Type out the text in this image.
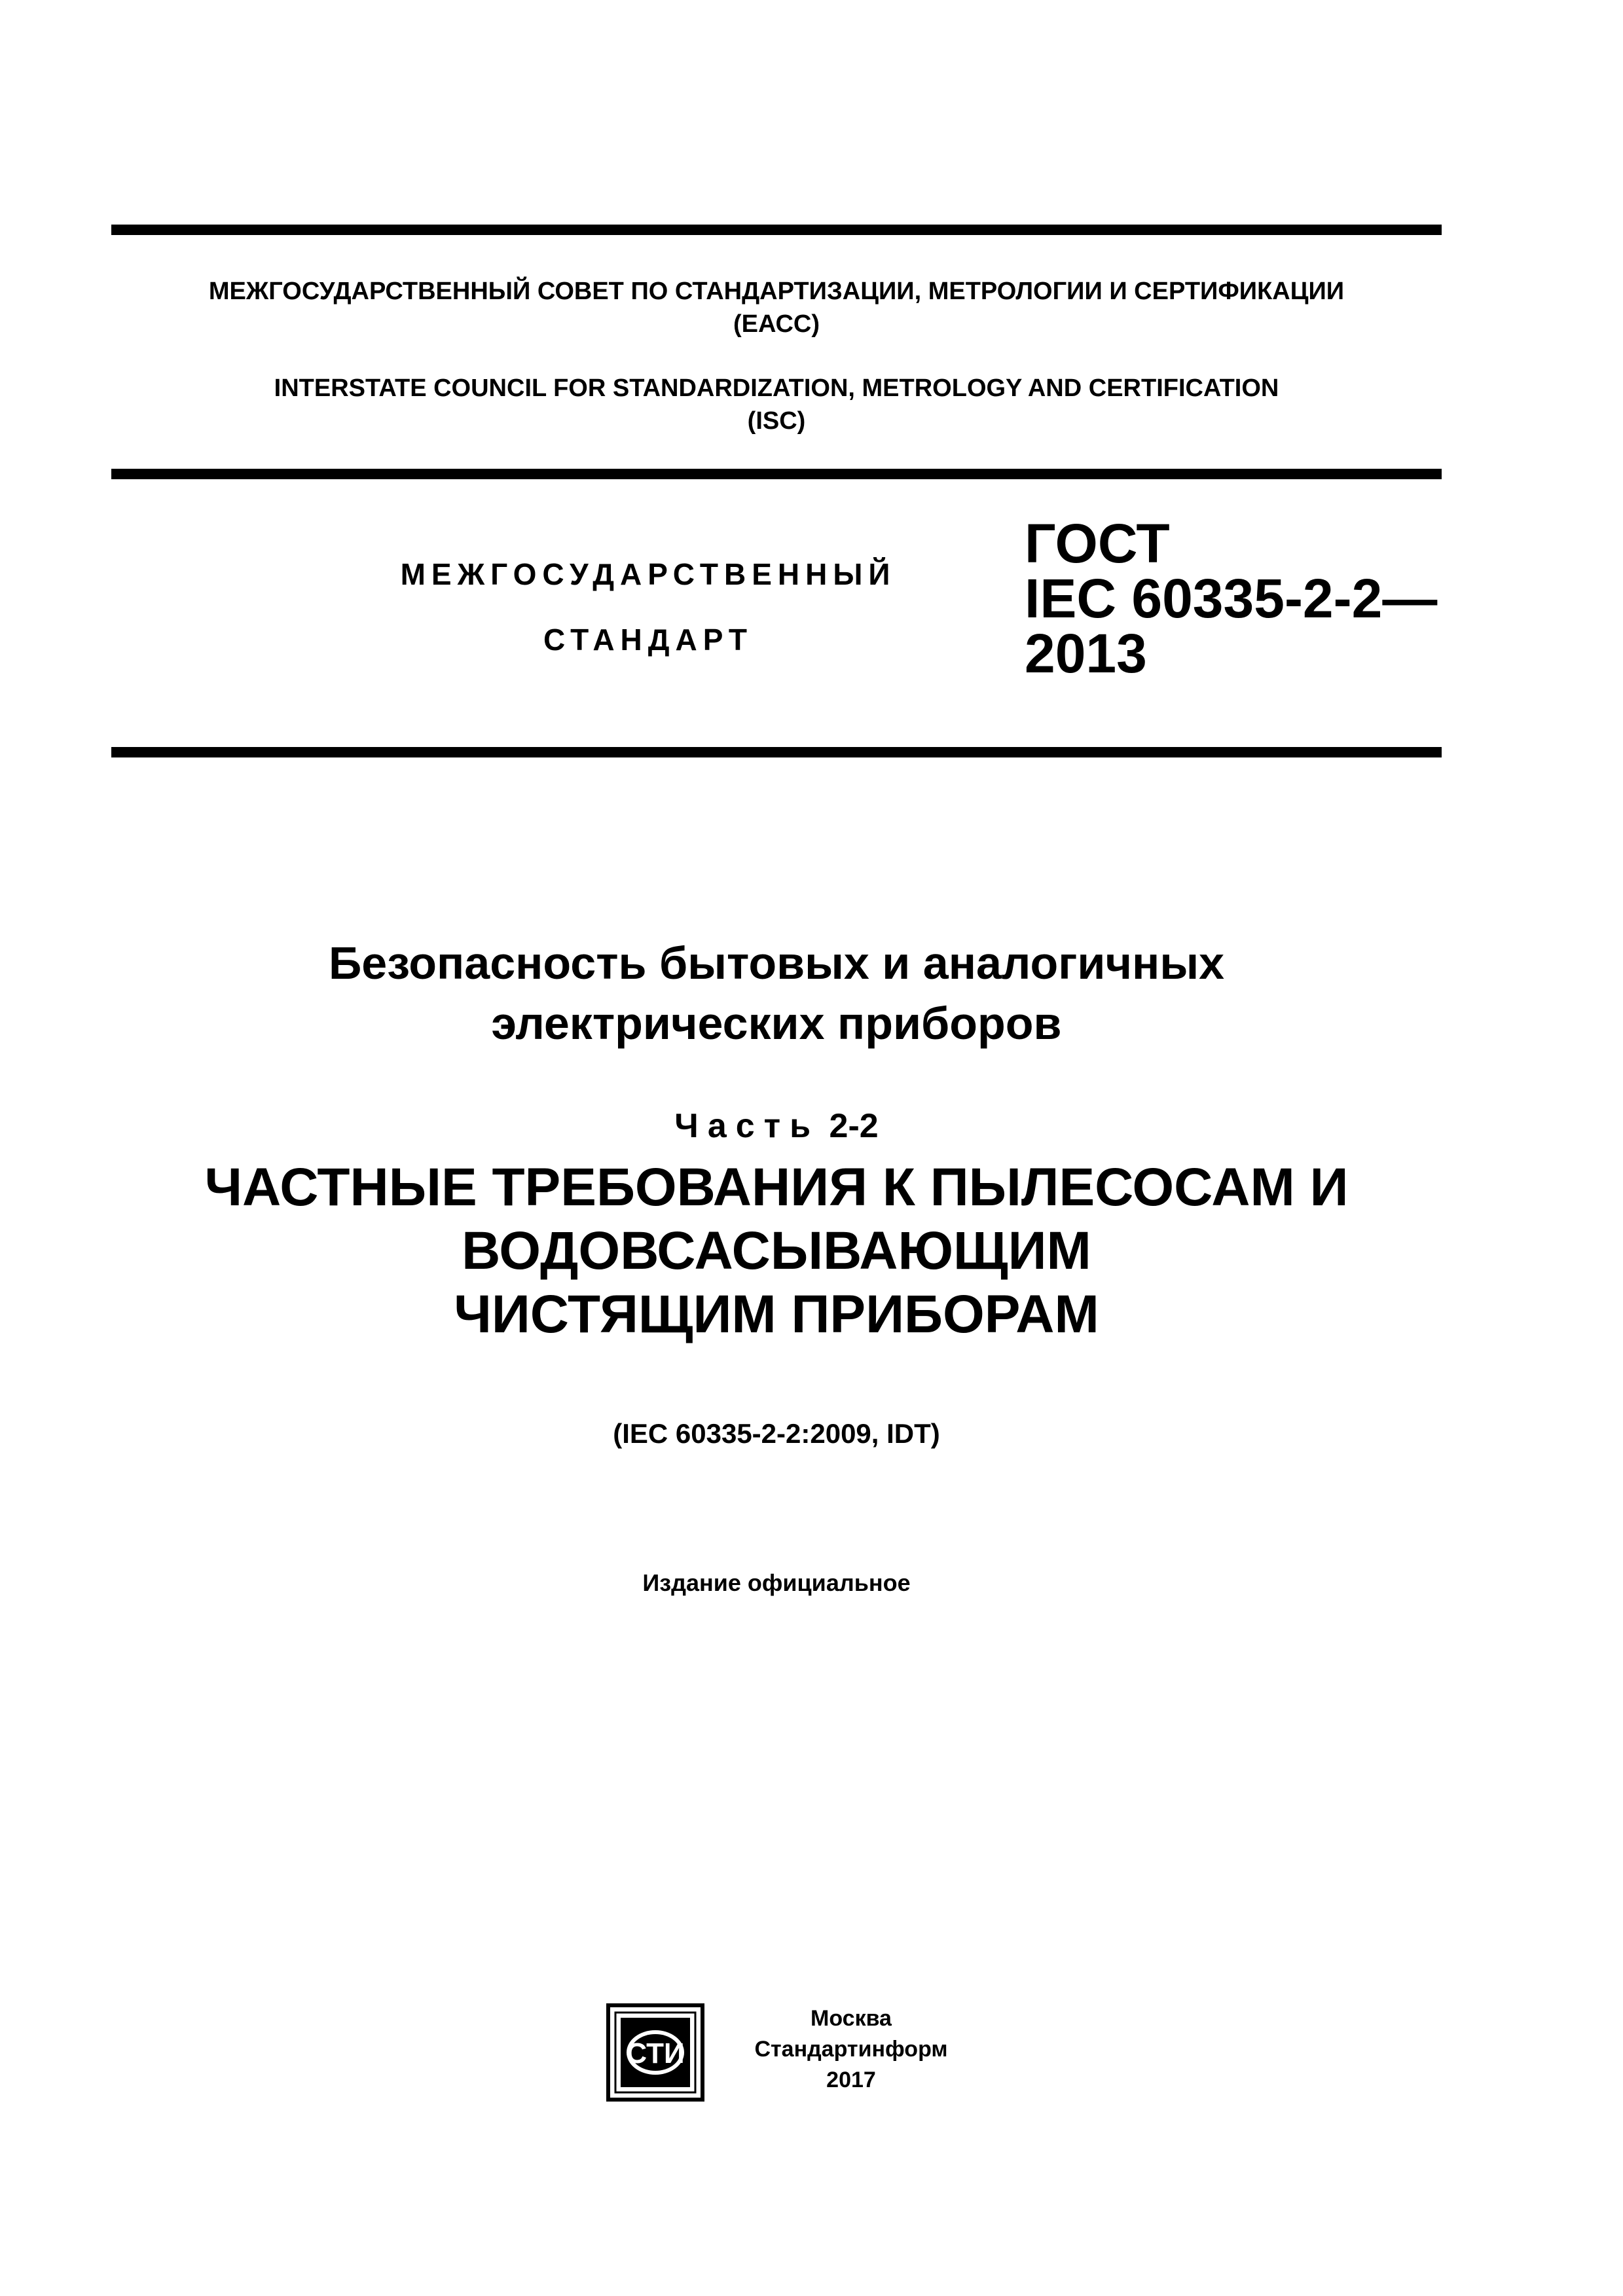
МЕЖГОСУДАРСТВЕННЫЙ СОВЕТ ПО СТАНДАРТИЗАЦИИ, МЕТРОЛОГИИ И СЕРТИФИКАЦИИ
(ЕАСС)
INTERSTATE COUNCIL FOR STANDARDIZATION, METROLOGY AND CERTIFICATION
(ISC)
МЕЖГОСУДАРСТВЕННЫЙ
СТАНДАРТ
ГОСТ
IEC 60335-2-2—
2013
Безопасность бытовых и аналогичных
электрических приборов
Часть 2-2
ЧАСТНЫЕ ТРЕБОВАНИЯ К ПЫЛЕСОСАМ И
ВОДОВСАСЫВАЮЩИМ
ЧИСТЯЩИМ ПРИБОРАМ
(IEC 60335-2-2:2009, IDT)
Издание официальное
СТИ
Москва
Стандартинформ
2017
